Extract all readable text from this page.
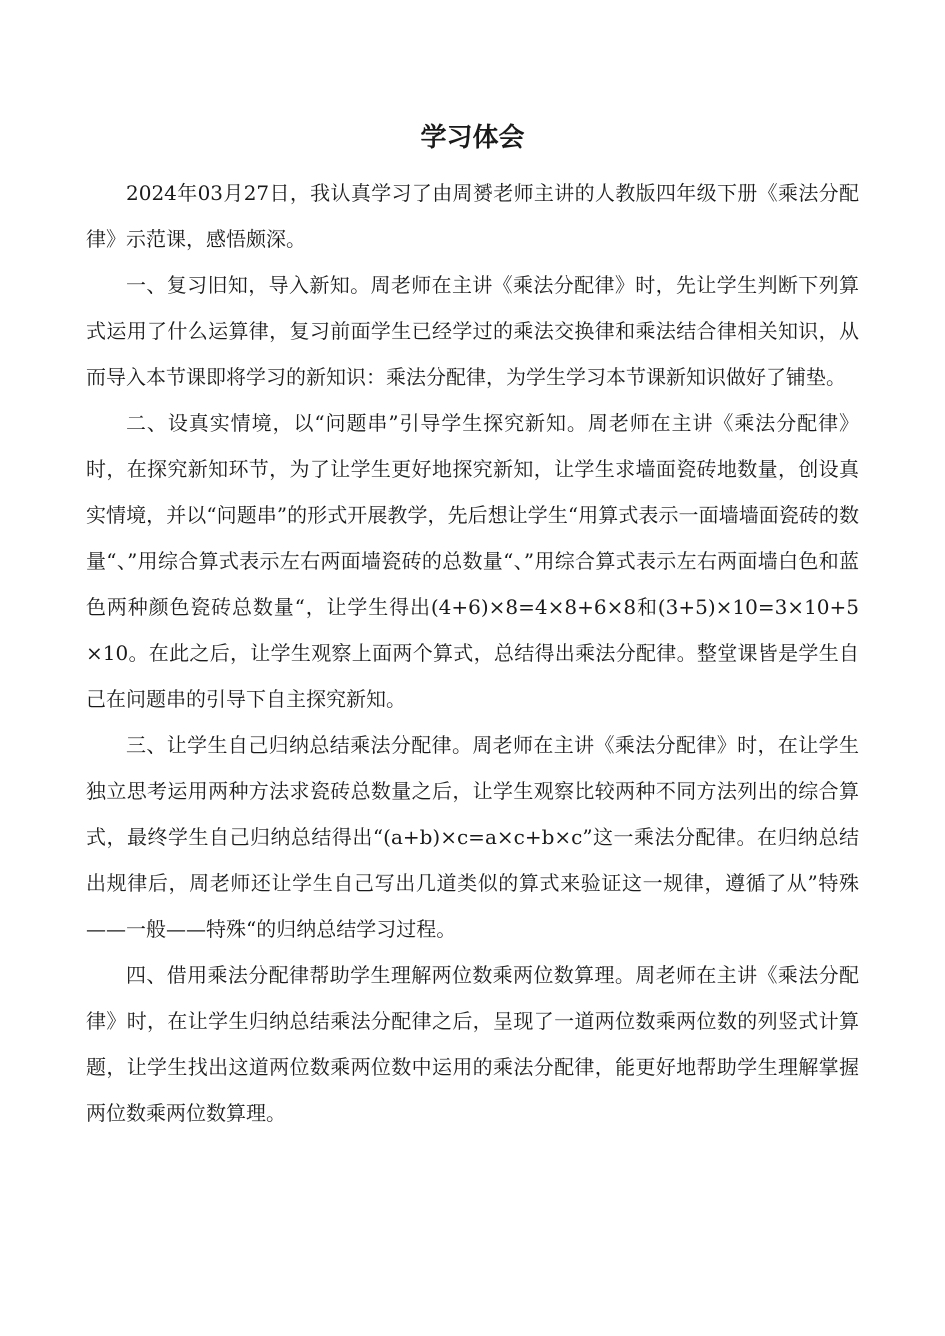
学习体会

2024年03月27日，我认真学习了由周赟老师主讲的人教版四年级下册《乘法分配律》示范课，感悟颇深。

一、复习旧知，导入新知。周老师在主讲《乘法分配律》时，先让学生判断下列算式运用了什么运算律，复习前面学生已经学过的乘法交换律和乘法结合律相关知识，从而导入本节课即将学习的新知识：乘法分配律，为学生学习本节课新知识做好了铺垫。

二、设真实情境，以“问题串”引导学生探究新知。周老师在主讲《乘法分配律》时，在探究新知环节，为了让学生更好地探究新知，让学生求墙面瓷砖地数量，创设真实情境，并以“问题串”的形式开展教学，先后想让学生“用算式表示一面墙墙面瓷砖的数量“、”用综合算式表示左右两面墙瓷砖的总数量“、”用综合算式表示左右两面墙白色和蓝色两种颜色瓷砖总数量“，让学生得出(4+6)×8=4×8+6×8和(3+5)×10=3×10+5×10。在此之后，让学生观察上面两个算式，总结得出乘法分配律。整堂课皆是学生自己在问题串的引导下自主探究新知。

三、让学生自己归纳总结乘法分配律。周老师在主讲《乘法分配律》时，在让学生独立思考运用两种方法求瓷砖总数量之后，让学生观察比较两种不同方法列出的综合算式，最终学生自己归纳总结得出“(a+b)×c=a×c+b×c”这一乘法分配律。在归纳总结出规律后，周老师还让学生自己写出几道类似的算式来验证这一规律，遵循了从”特殊——一般——特殊“的归纳总结学习过程。

四、借用乘法分配律帮助学生理解两位数乘两位数算理。周老师在主讲《乘法分配律》时，在让学生归纳总结乘法分配律之后，呈现了一道两位数乘两位数的列竖式计算题，让学生找出这道两位数乘两位数中运用的乘法分配律，能更好地帮助学生理解掌握两位数乘两位数算理。
